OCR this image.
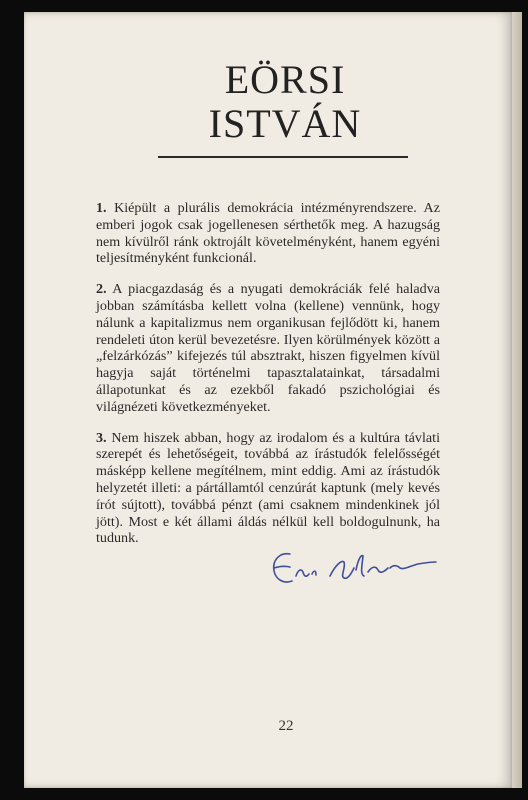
EÖRSI
ISTVÁN

1. Kiépült a plurális demokrácia intézményrendszere. Az emberi jogok csak jogellenesen sérthetők meg. A hazugság nem kívülről ránk oktrojált követelményként, hanem egyéni teljesítményként funkcionál.

2. A piacgazdaság és a nyugati demokráciák felé haladva jobban számításba kellett volna (kellene) vennünk, hogy nálunk a kapitalizmus nem organikusan fejlődött ki, hanem rendeleti úton kerül bevezetésre. Ilyen körülmények között a „felzárkózás” kifejezés túl absztrakt, hiszen figyelmen kívül hagyja saját történelmi tapasztalatainkat, társadalmi állapotunkat és az ezekből fakadó pszichológiai és világnézeti következményeket.

3. Nem hiszek abban, hogy az irodalom és a kultúra távlati szerepét és lehetőségeit, továbbá az írástudók felelősségét másképp kellene megítélnem, mint eddig. Ami az írástudók helyzetét illeti: a pártállamtól cenzúrát kaptunk (mely kevés írót sújtott), továbbá pénzt (ami csaknem mindenkinek jól jött). Most e két állami áldás nélkül kell boldogulnunk, ha tudunk.

22
